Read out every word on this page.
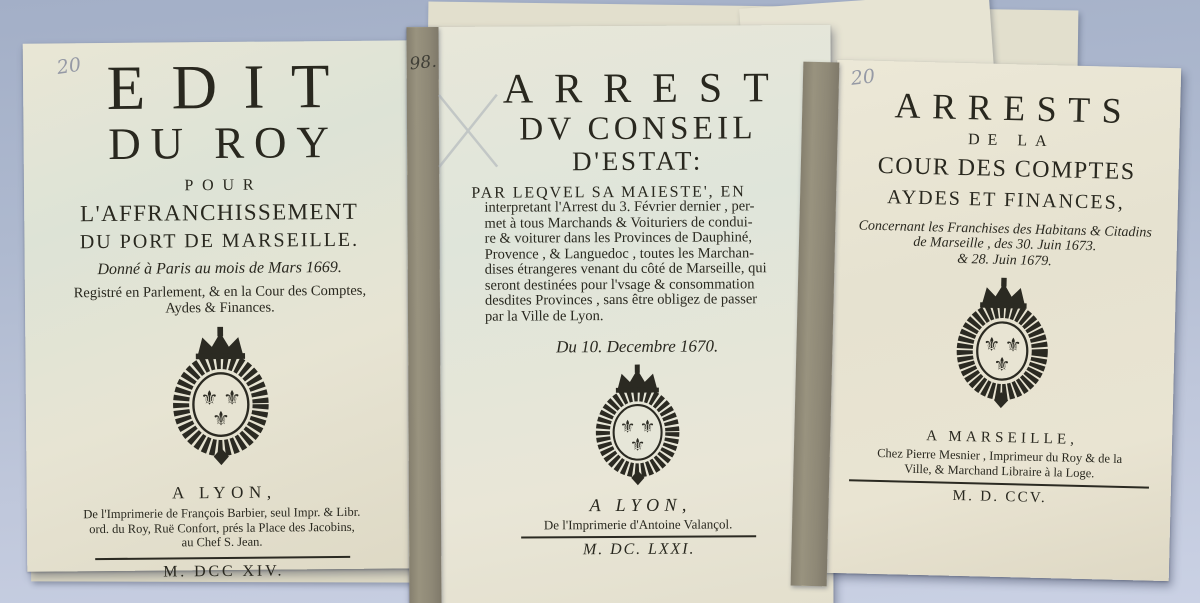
20 EDIT
DU ROY
POUR
L'AFFRANCHISSEMENT
DU PORT DE MARSEILLE.
Donné à Paris au mois de Mars 1669.
Registré en Parlement, & en la Cour des Comptes,
Aydes & Finances.
⚜ ⚜
⚜
A LYON,
De l'Imprimerie de François Barbier, seul Impr. & Libr.
ord. du Roy, Ruë Confort, prés la Place des Jacobins,
au Chef S. Jean.
M. DCC XIV.
98.
ARREST
DV CONSEIL
D'ESTAT:
PAR LEQVEL SA MAIESTE', EN
interpretant l'Arrest du 3. Février dernier , per-
met à tous Marchands & Voituriers de condui-
re & voiturer dans les Provinces de Dauphiné,
Provence , & Languedoc , toutes les Marchan-
dises étrangeres venant du côté de Marseille, qui
seront destinées pour l'vsage & consommation
desdites Provinces , sans être obligez de passer
par la Ville de Lyon.
Du 10. Decembre 1670.
⚜ ⚜
⚜
A LYON,
De l'Imprimerie d'Antoine Valançol.
M. DC. LXXI.
20
ARRESTS
DE LA
COUR DES COMPTES
AYDES ET FINANCES,
Concernant les Franchises des Habitans & Citadins
de Marseille , des 30. Juin 1673.
& 28. Juin 1679.
⚜ ⚜
⚜
A MARSEILLE,
Chez Pierre Mesnier , Imprimeur du Roy & de la
Ville, & Marchand Libraire à la Loge.
M. D. CCV.
